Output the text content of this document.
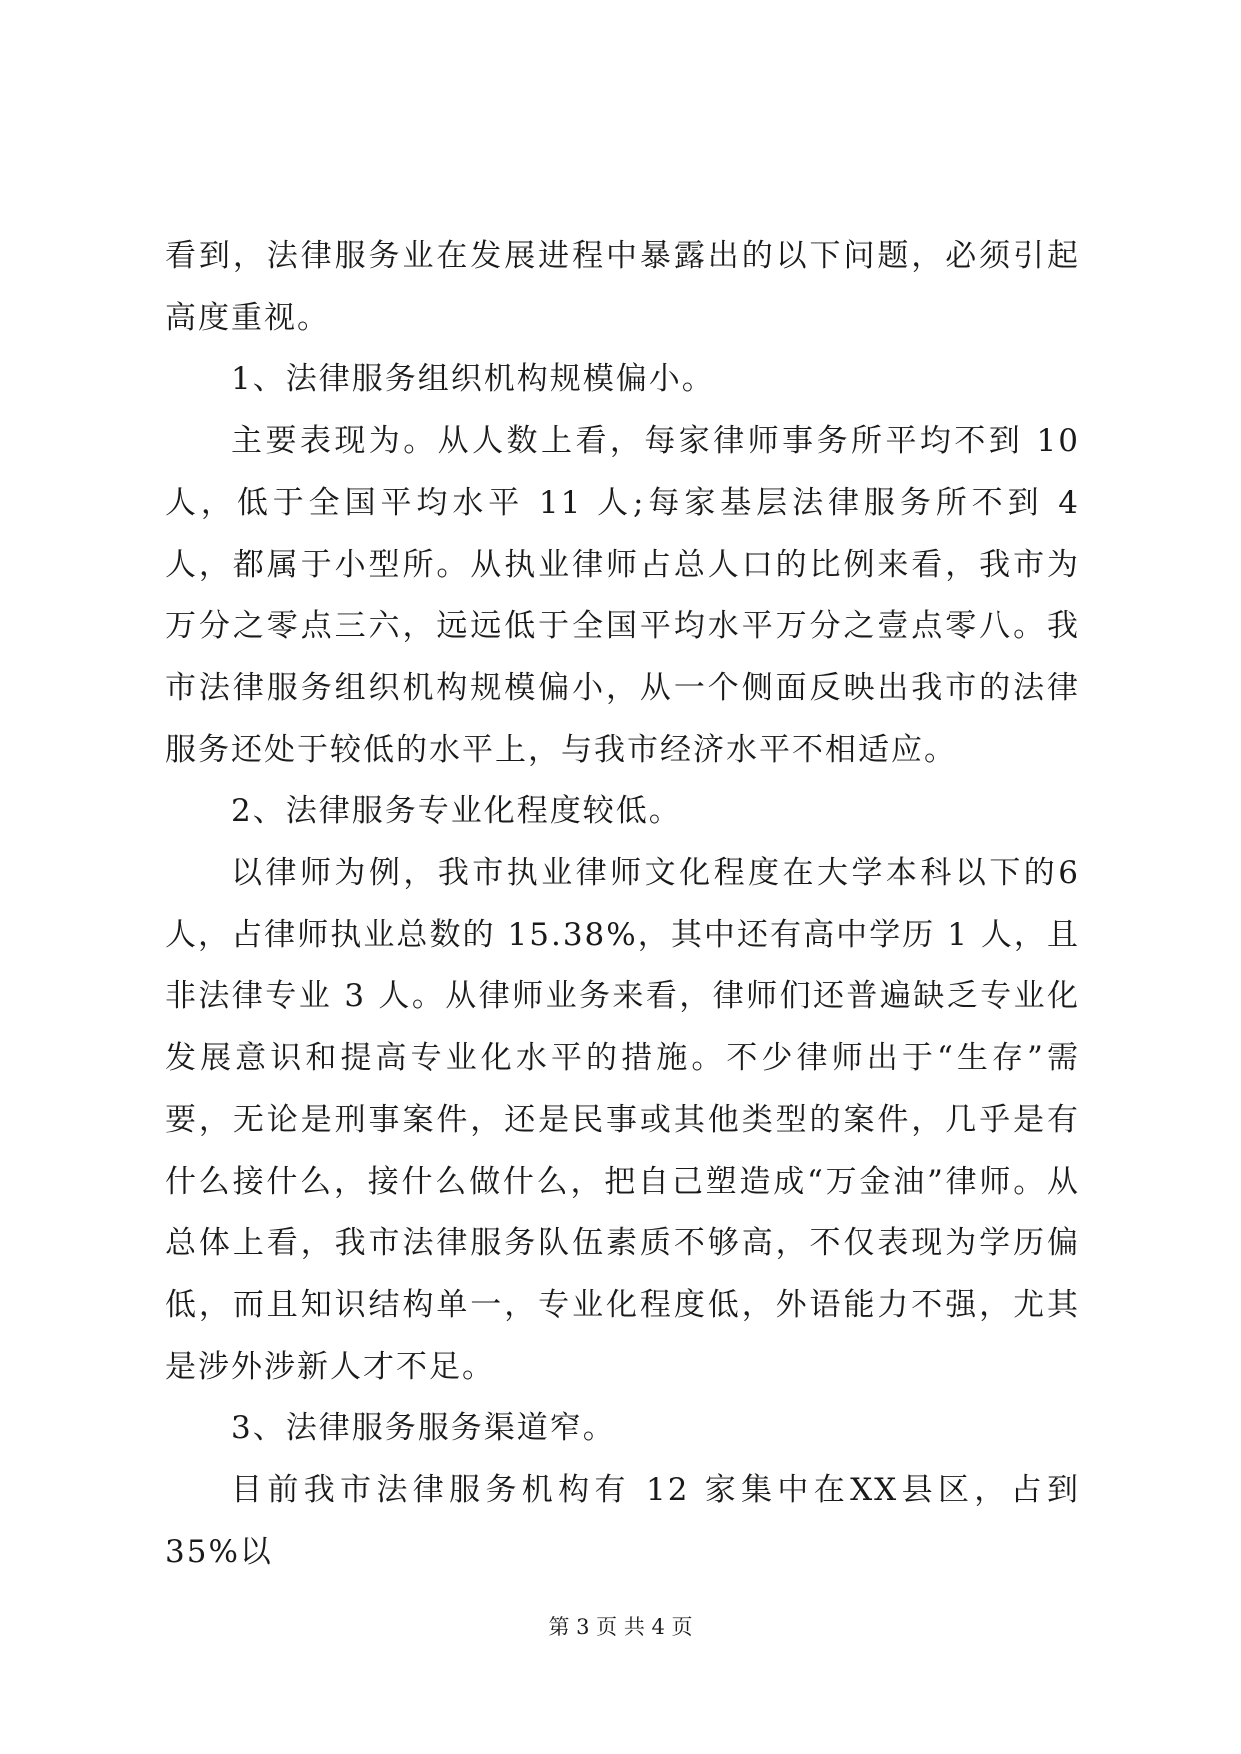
看到，法律服务业在发展进程中暴露出的以下问题，必须引起高度重视。

1、法律服务组织机构规模偏小。

主要表现为。从人数上看，每家律师事务所平均不到 10 人，低于全国平均水平 11 人;每家基层法律服务所不到 4 人，都属于小型所。从执业律师占总人口的比例来看，我市为万分之零点三六，远远低于全国平均水平万分之壹点零八。我市法律服务组织机构规模偏小，从一个侧面反映出我市的法律服务还处于较低的水平上，与我市经济水平不相适应。

2、法律服务专业化程度较低。

以律师为例，我市执业律师文化程度在大学本科以下的6人，占律师执业总数的 15.38%，其中还有高中学历 1 人，且非法律专业 3 人。从律师业务来看，律师们还普遍缺乏专业化发展意识和提高专业化水平的措施。不少律师出于“生存”需要，无论是刑事案件，还是民事或其他类型的案件，几乎是有什么接什么，接什么做什么，把自己塑造成“万金油”律师。从总体上看，我市法律服务队伍素质不够高，不仅表现为学历偏低，而且知识结构单一，专业化程度低，外语能力不强，尤其是涉外涉新人才不足。

3、法律服务服务渠道窄。

目前我市法律服务机构有 12 家集中在XX县区，占到 35%以

第 3 页 共 4 页
